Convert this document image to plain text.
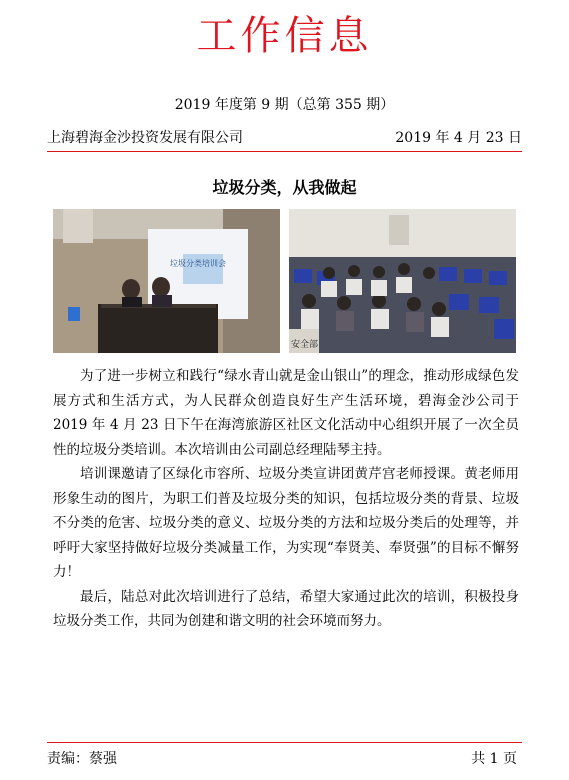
工作信息
2019 年度第 9 期（总第 355 期）
上海碧海金沙投资发展有限公司	2019 年 4 月 23 日
垃圾分类，从我做起
垃圾分类培训会
安全部

为了进一步树立和践行“绿水青山就是金山银山”的理念，推动形成绿色发展方式和生活方式，为人民群众创造良好生产生活环境，碧海金沙公司于 2019 年 4 月 23 日下午在海湾旅游区社区文化活动中心组织开展了一次全员性的垃圾分类培训。本次培训由公司副总经理陆琴主持。

培训课邀请了区绿化市容所、垃圾分类宣讲团黄芹宫老师授课。黄老师用形象生动的图片，为职工们普及垃圾分类的知识，包括垃圾分类的背景、垃圾不分类的危害、垃圾分类的意义、垃圾分类的方法和垃圾分类后的处理等，并呼吁大家坚持做好垃圾分类减量工作，为实现“奉贤美、奉贤强”的目标不懈努力！

最后，陆总对此次培训进行了总结，希望大家通过此次的培训，积极投身垃圾分类工作，共同为创建和谐文明的社会环境而努力。

责编：蔡强	共 1 页
